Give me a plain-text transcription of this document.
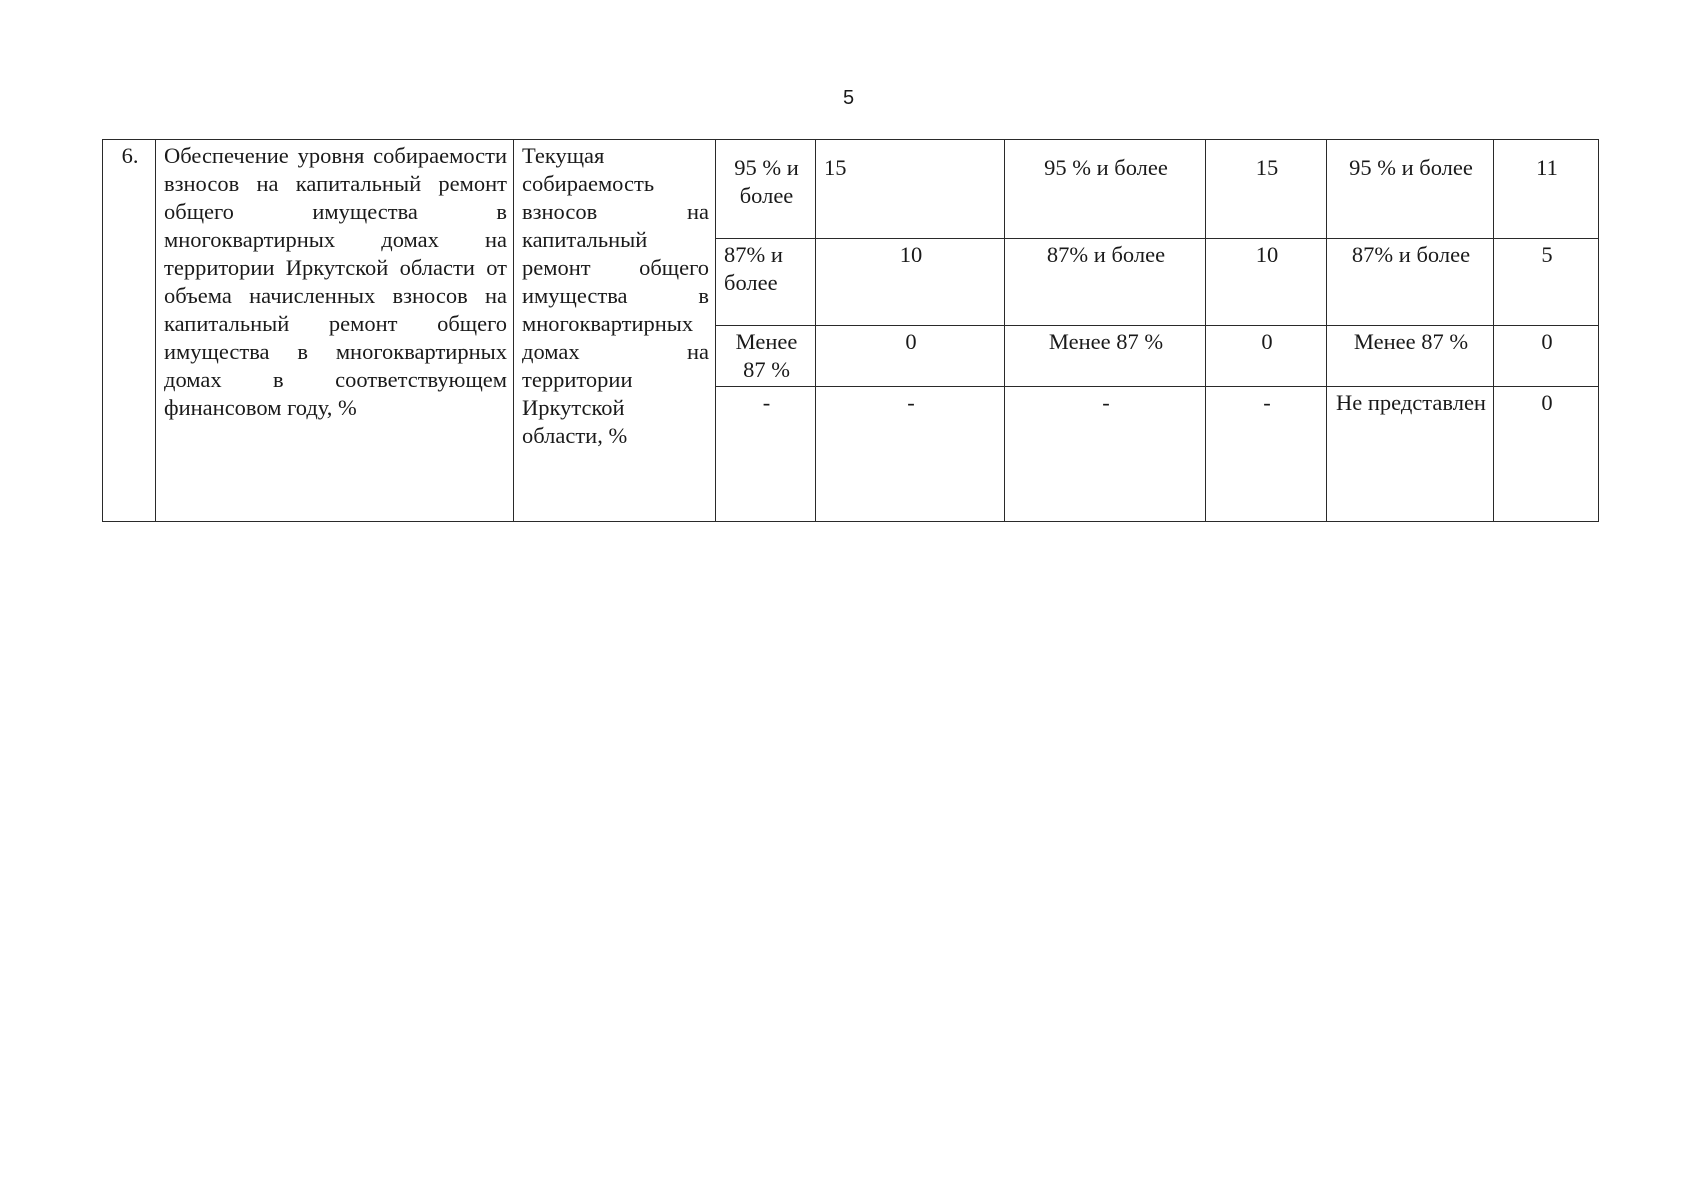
5
6.	Обеспечение уровня собираемости взносов на капитальный ремонт общего имущества в многоквартирных домах на территории Иркутской области от объема начисленных взносов на капитальный ремонт общего имущества в многоквартирных домах в соответствующем финансовом году, %	Текущая собираемость взносов на капитальный ремонт общего имущества в многоквартирных домах на территории Иркутской области, %	95 % и более	15	95 % и более	15	95 % и более	11
			87% и более	10	87% и более	10	87% и более	5
			Менее 87 %	0	Менее 87 %	0	Менее 87 %	0
			-	-	-	-	Не представлен	0
